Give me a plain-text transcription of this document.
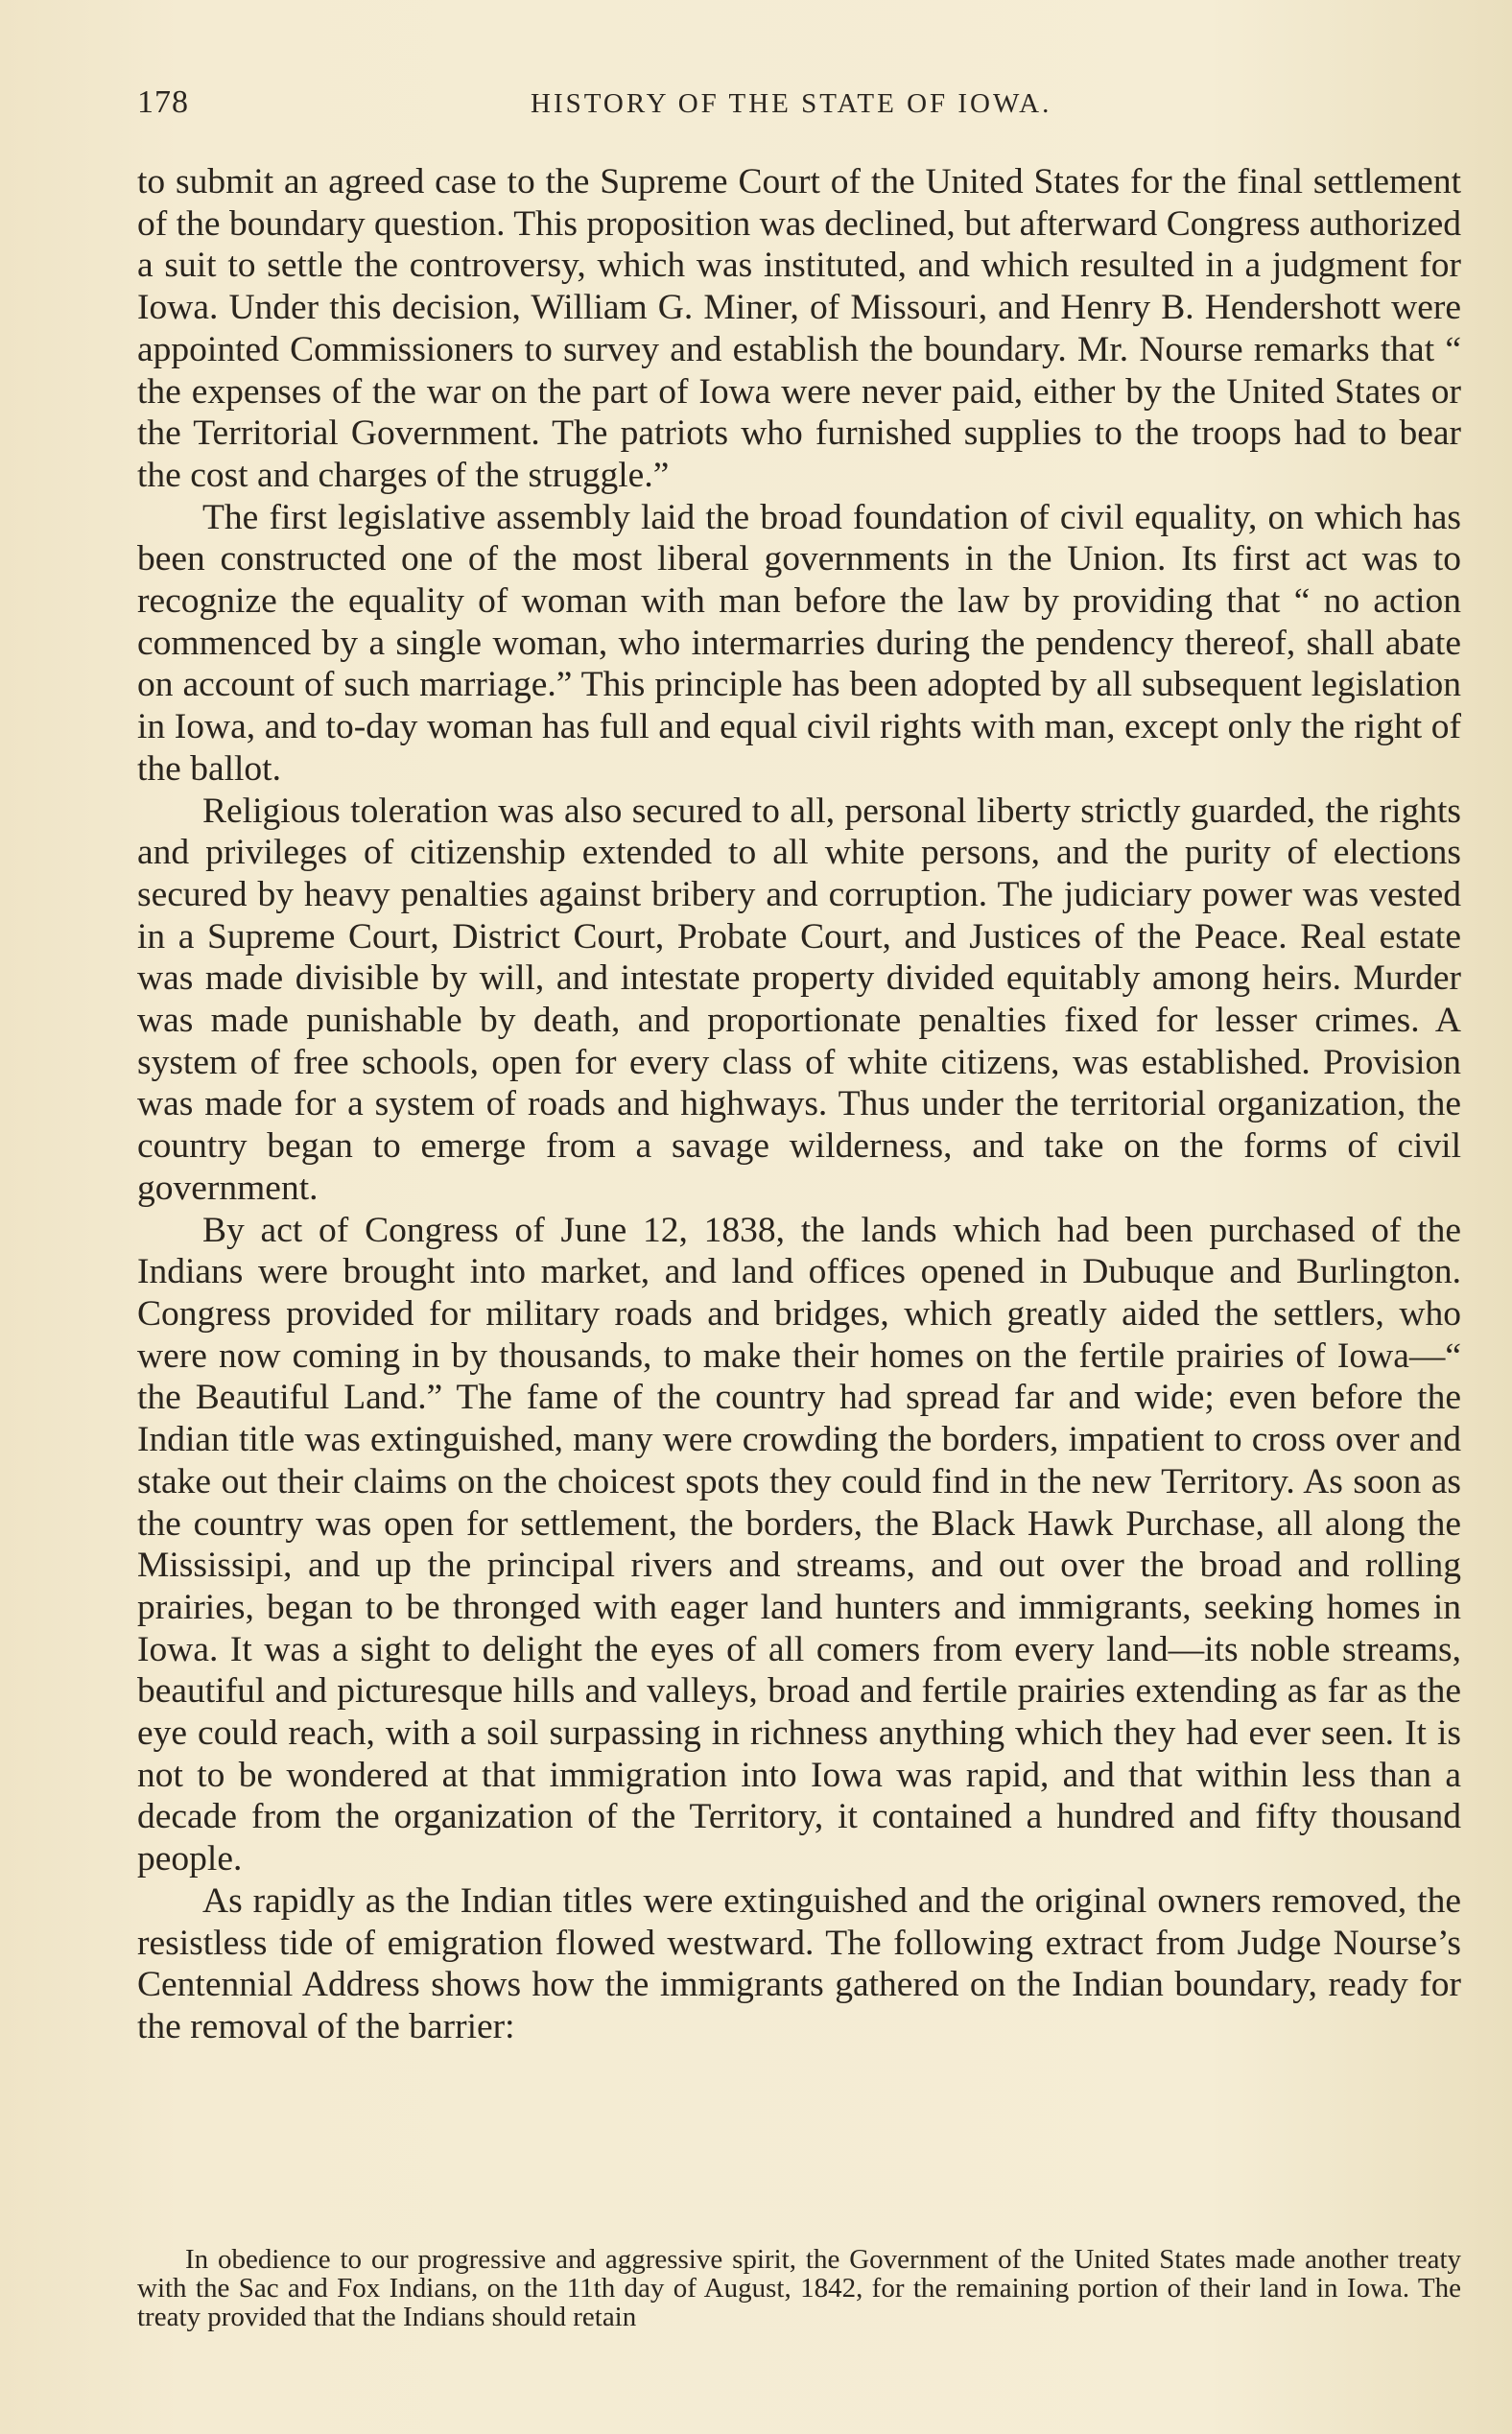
178	HISTORY OF THE STATE OF IOWA.

to submit an agreed case to the Supreme Court of the United States for the final settlement of the boundary question. This proposition was declined, but afterward Congress authorized a suit to settle the controversy, which was instituted, and which resulted in a judgment for Iowa. Under this decision, William G. Miner, of Missouri, and Henry B. Hendershott were appointed Commissioners to survey and establish the boundary. Mr. Nourse remarks that “ the expenses of the war on the part of Iowa were never paid, either by the United States or the Territorial Government. The patriots who furnished supplies to the troops had to bear the cost and charges of the struggle.”

The first legislative assembly laid the broad foundation of civil equality, on which has been constructed one of the most liberal governments in the Union. Its first act was to recognize the equality of woman with man before the law by providing that “ no action commenced by a single woman, who intermarries during the pendency thereof, shall abate on account of such marriage.” This principle has been adopted by all subsequent legislation in Iowa, and to-day woman has full and equal civil rights with man, except only the right of the ballot.

Religious toleration was also secured to all, personal liberty strictly guarded, the rights and privileges of citizenship extended to all white persons, and the purity of elections secured by heavy penalties against bribery and corruption. The judiciary power was vested in a Supreme Court, District Court, Probate Court, and Justices of the Peace. Real estate was made divisible by will, and intestate property divided equitably among heirs. Murder was made punishable by death, and proportionate penalties fixed for lesser crimes. A system of free schools, open for every class of white citizens, was established. Provision was made for a system of roads and highways. Thus under the territorial organization, the country began to emerge from a savage wilderness, and take on the forms of civil government.

By act of Congress of June 12, 1838, the lands which had been purchased of the Indians were brought into market, and land offices opened in Dubuque and Burlington. Congress provided for military roads and bridges, which greatly aided the settlers, who were now coming in by thousands, to make their homes on the fertile prairies of Iowa—“ the Beautiful Land.” The fame of the country had spread far and wide; even before the Indian title was extinguished, many were crowding the borders, impatient to cross over and stake out their claims on the choicest spots they could find in the new Territory. As soon as the country was open for settlement, the borders, the Black Hawk Purchase, all along the Mississipi, and up the principal rivers and streams, and out over the broad and rolling prairies, began to be thronged with eager land hunters and immigrants, seeking homes in Iowa. It was a sight to delight the eyes of all comers from every land—its noble streams, beautiful and picturesque hills and valleys, broad and fertile prairies extending as far as the eye could reach, with a soil surpassing in richness anything which they had ever seen. It is not to be wondered at that immigration into Iowa was rapid, and that within less than a decade from the organization of the Territory, it contained a hundred and fifty thousand people.

As rapidly as the Indian titles were extinguished and the original owners removed, the resistless tide of emigration flowed westward. The following extract from Judge Nourse’s Centennial Address shows how the immigrants gathered on the Indian boundary, ready for the removal of the barrier:

In obedience to our progressive and aggressive spirit, the Government of the United States made another treaty with the Sac and Fox Indians, on the 11th day of August, 1842, for the remaining portion of their land in Iowa. The treaty provided that the Indians should retain
